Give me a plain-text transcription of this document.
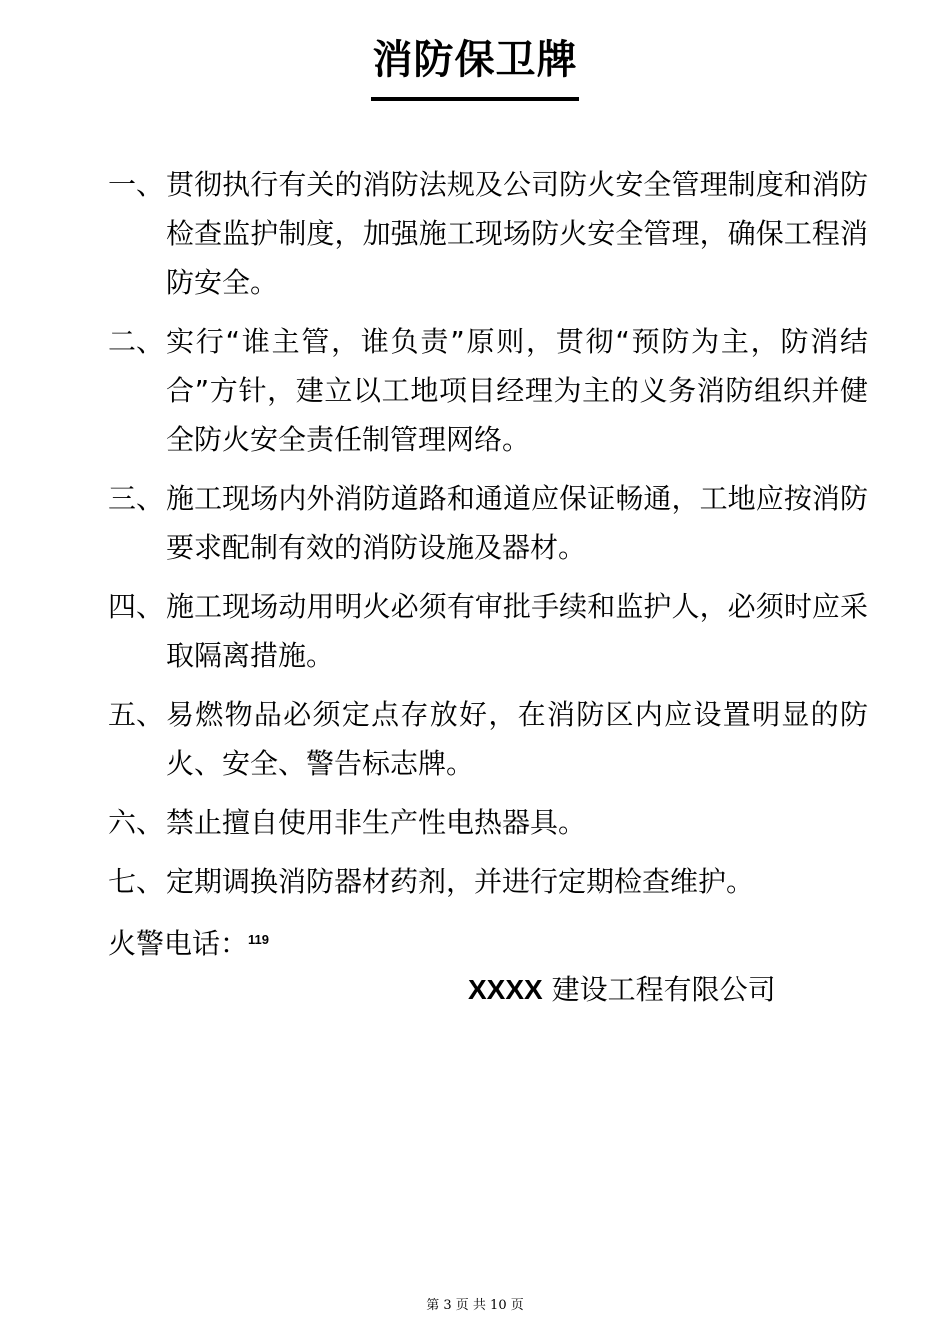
消防保卫牌
一、 贯彻执行有关的消防法规及公司防火安全管理制度和消防检查监护制度，加强施工现场防火安全管理，确保工程消防安全。
二、 实行“谁主管，谁负责”原则，贯彻“预防为主，防消结合”方针，建立以工地项目经理为主的义务消防组织并健全防火安全责任制管理网络。
三、 施工现场内外消防道路和通道应保证畅通，工地应按消防要求配制有效的消防设施及器材。
四、 施工现场动用明火必须有审批手续和监护人，必须时应采取隔离措施。
五、 易燃物品必须定点存放好，在消防区内应设置明显的防火、安全、警告标志牌。
六、 禁止擅自使用非生产性电热器具。
七、 定期调换消防器材药剂，并进行定期检查维护。
火警电话：$^{119}$
XXXX 建设工程有限公司
第 3 页 共 10 页
